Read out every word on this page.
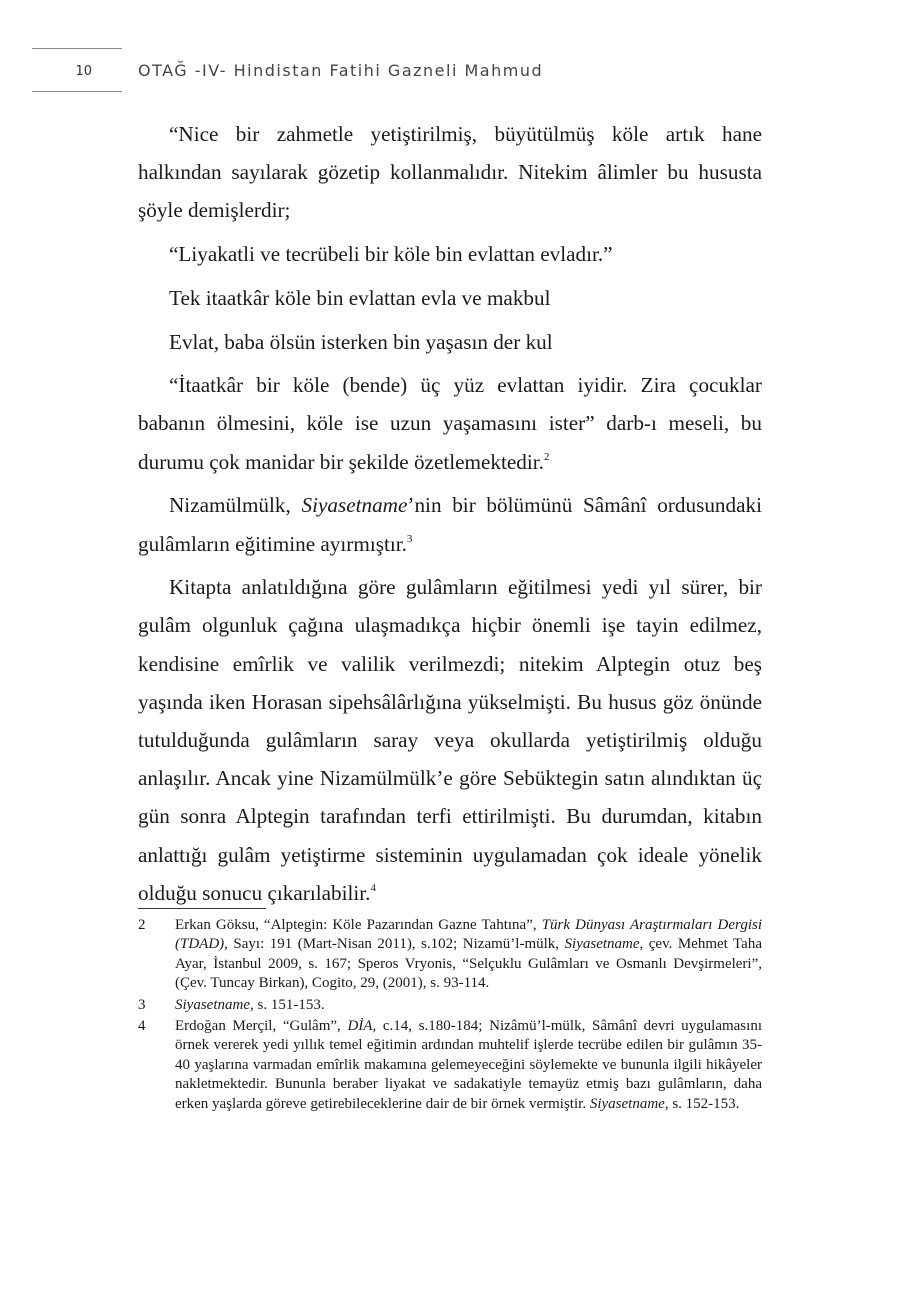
10	OTAĞ -IV- Hindistan Fatihi Gazneli Mahmud

“Nice bir zahmetle yetiştirilmiş, büyütülmüş köle artık hane halkından sayılarak gözetip kollanmalıdır. Nitekim âlimler bu hususta şöyle demişlerdir;

“Liyakatli ve tecrübeli bir köle bin evlattan evladır.”

Tek itaatkâr köle bin evlattan evla ve makbul

Evlat, baba ölsün isterken bin yaşasın der kul

“İtaatkâr bir köle (bende) üç yüz evlattan iyidir. Zira çocuklar babanın ölmesini, köle ise uzun yaşamasını ister” darb-ı meseli, bu durumu çok manidar bir şekilde özetlemektedir.$^2$

Nizamülmülk, Siyasetname’nin bir bölümünü Sâmânî ordusundaki gulâmların eğitimine ayırmıştır.$^3$

Kitapta anlatıldığına göre gulâmların eğitilmesi yedi yıl sürer, bir gulâm olgunluk çağına ulaşmadıkça hiçbir önemli işe tayin edilmez, kendisine emîrlik ve valilik verilmezdi; nitekim Alptegin otuz beş yaşında iken Horasan sipehsâlârlığına yükselmişti. Bu husus göz önünde tutulduğunda gulâmların saray veya okullarda yetiştirilmiş olduğu anlaşılır. Ancak yine Nizamülmülk’e göre Sebüktegin satın alındıktan üç gün sonra Alptegin tarafından terfi ettirilmişti. Bu durumdan, kitabın anlattığı gulâm yetiştirme sisteminin uygulamadan çok ideale yönelik olduğu sonucu çıkarılabilir.$^4$

2	Erkan Göksu, “Alptegin: Köle Pazarından Gazne Tahtına”, Türk Dünyası Araştırmaları Dergisi (TDAD), Sayı: 191 (Mart-Nisan 2011), s.102; Nizamü’l-mülk, Siyasetname, çev. Mehmet Taha Ayar, İstanbul 2009, s. 167; Speros Vryonis, “Selçuklu Gulâmları ve Osmanlı Devşirmeleri”, (Çev. Tuncay Birkan), Cogito, 29, (2001), s. 93-114.
3	Siyasetname, s. 151-153.
4	Erdoğan Merçil, “Gulâm”, DİA, c.14, s.180-184; Nizâmü’l-mülk, Sâmânî devri uygulamasını örnek vererek yedi yıllık temel eğitimin ardından muhtelif işlerde tecrübe edilen bir gulâmın 35-40 yaşlarına varmadan emîrlik makamına gelemeyeceğini söylemekte ve bununla ilgili hikâyeler nakletmektedir. Bununla beraber liyakat ve sadakatiyle temayüz etmiş bazı gulâmların, daha erken yaşlarda göreve getirebileceklerine dair de bir örnek vermiştir. Siyasetname, s. 152-153.
